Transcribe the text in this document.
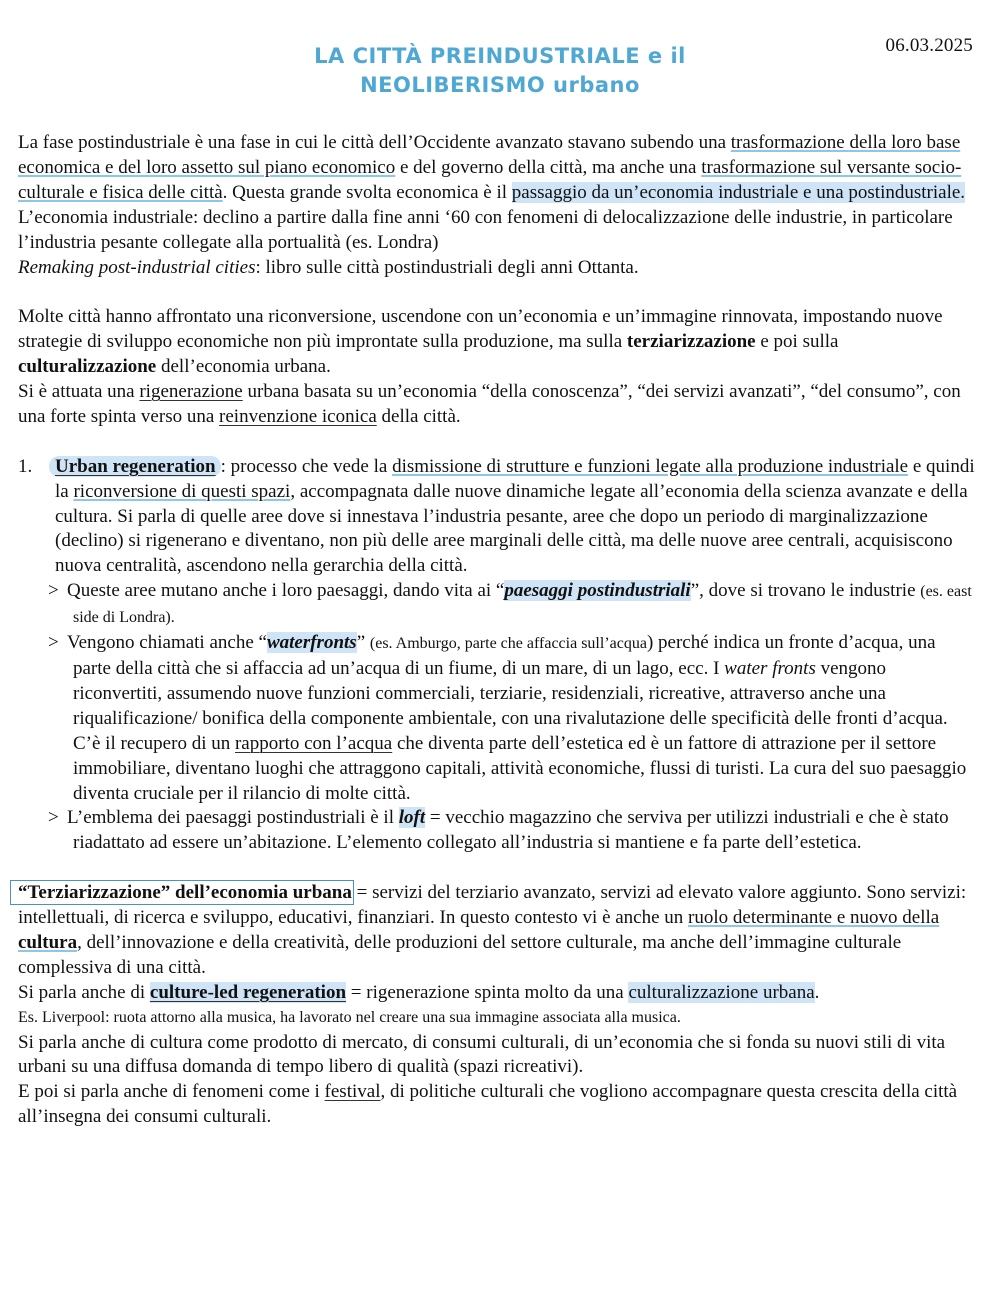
06.03.2025
LA CITTÀ PREINDUSTRIALE e il
NEOLIBERISMO urbano

La fase postindustriale è una fase in cui le città dell’Occidente avanzato stavano subendo una trasformazione della loro base economica e del loro assetto sul piano economico e del governo della città, ma anche una trasformazione sul versante socio-culturale e fisica delle città. Questa grande svolta economica è il passaggio da un’economia industriale e una postindustriale.

L’economia industriale: declino a partire dalla fine anni ‘60 con fenomeni di delocalizzazione delle industrie, in particolare l’industria pesante collegate alla portualità (es. Londra)

Remaking post-industrial cities: libro sulle città postindustriali degli anni Ottanta.

Molte città hanno affrontato una riconversione, uscendone con un’economia e un’immagine rinnovata, impostando nuove strategie di sviluppo economiche non più improntate sulla produzione, ma sulla terziarizzazione e poi sulla culturalizzazione dell’economia urbana.

Si è attuata una rigenerazione urbana basata su un’economia “della conoscenza”, “dei servizi avanzati”, “del consumo”, con una forte spinta verso una reinvenzione iconica della città.

1.	Urban regeneration : processo che vede la dismissione di strutture e funzioni legate alla produzione industriale e quindi la riconversione di questi spazi, accompagnata dalle nuove dinamiche legate all’economia della scienza avanzate e della cultura. Si parla di quelle aree dove si innestava l’industria pesante, aree che dopo un periodo di marginalizzazione (declino) si rigenerano e diventano, non più delle aree marginali delle città, ma delle nuove aree centrali, acquisiscono nuova centralità, ascendono nella gerarchia della città.
> Queste aree mutano anche i loro paesaggi, dando vita ai “paesaggi postindustriali”, dove si trovano le industrie (es. east side di Londra).
> Vengono chiamati anche “waterfronts” (es. Amburgo, parte che affaccia sull’acqua) perché indica un fronte d’acqua, una parte della città che si affaccia ad un’acqua di un fiume, di un mare, di un lago, ecc. I water fronts vengono riconvertiti, assumendo nuove funzioni commerciali, terziarie, residenziali, ricreative, attraverso anche una riqualificazione/ bonifica della componente ambientale, con una rivalutazione delle specificità delle fronti d’acqua. C’è il recupero di un rapporto con l’acqua che diventa parte dell’estetica ed è un fattore di attrazione per il settore immobiliare, diventano luoghi che attraggono capitali, attività economiche, flussi di turisti. La cura del suo paesaggio diventa cruciale per il rilancio di molte città.
> L’emblema dei paesaggi postindustriali è il loft = vecchio magazzino che serviva per utilizzi industriali e che è stato riadattato ad essere un’abitazione. L’elemento collegato all’industria si mantiene e fa parte dell’estetica.

“Terziarizzazione” dell’economia urbana = servizi del terziario avanzato, servizi ad elevato valore aggiunto. Sono servizi: intellettuali, di ricerca e sviluppo, educativi, finanziari. In questo contesto vi è anche un ruolo determinante e nuovo della cultura, dell’innovazione e della creatività, delle produzioni del settore culturale, ma anche dell’immagine culturale complessiva di una città.

Si parla anche di culture-led regeneration = rigenerazione spinta molto da una culturalizzazione urbana.

Es. Liverpool: ruota attorno alla musica, ha lavorato nel creare una sua immagine associata alla musica.

Si parla anche di cultura come prodotto di mercato, di consumi culturali, di un’economia che si fonda su nuovi stili di vita urbani su una diffusa domanda di tempo libero di qualità (spazi ricreativi).

E poi si parla anche di fenomeni come i festival, di politiche culturali che vogliono accompagnare questa crescita della città all’insegna dei consumi culturali.
